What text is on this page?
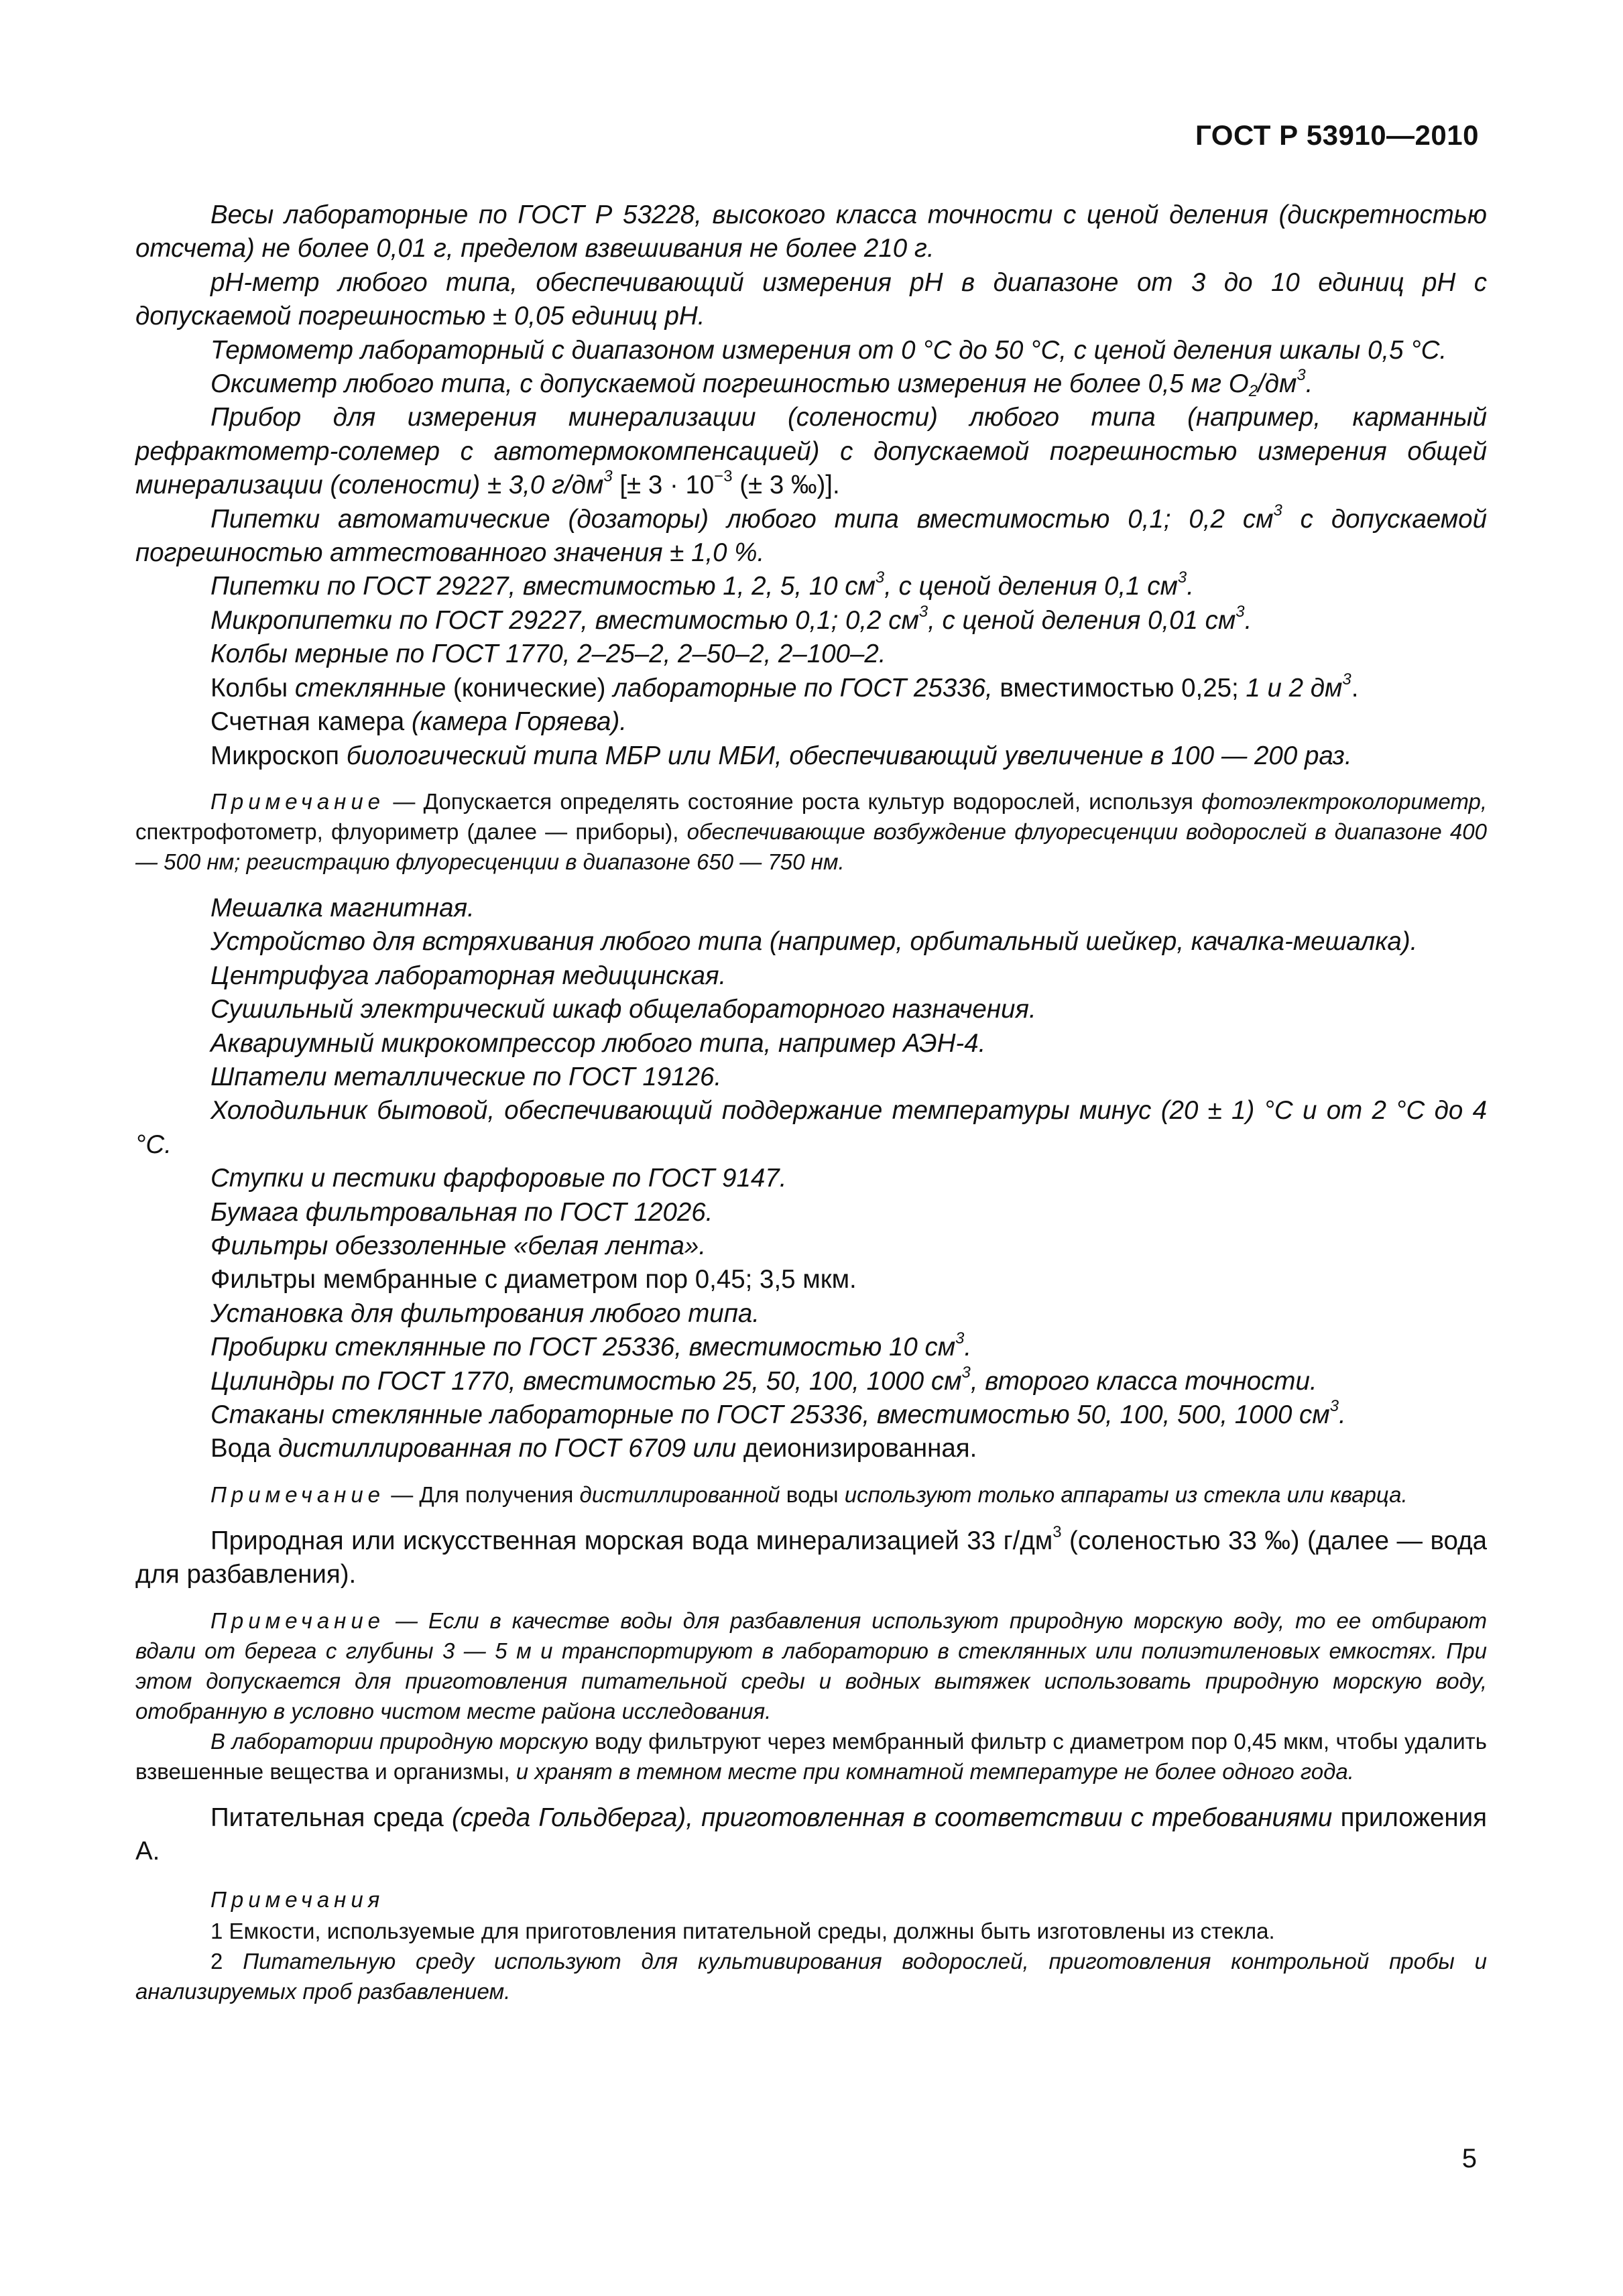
ГОСТ Р 53910—2010

Весы лабораторные по ГОСТ Р 53228, высокого класса точности с ценой деления (дискретностью отсчета) не более 0,01 г, пределом взвешивания не более 210 г.

pH-метр любого типа, обеспечивающий измерения pH в диапазоне от 3 до 10 единиц pH с допускаемой погрешностью ± 0,05 единиц pH.

Термометр лабораторный с диапазоном измерения от 0 °C до 50 °C, с ценой деления шкалы 0,5 °C.

Оксиметр любого типа, с допускаемой погрешностью измерения не более 0,5 мг $O_2/дм^3$.

Прибор для измерения минерализации (солености) любого типа (например, карманный рефрактометр-солемер с автотермокомпенсацией) с допускаемой погрешностью измерения общей минерализации (солености) ± 3,0 $г/дм^3$ [± $3 \cdot 10^{-3}$ (± 3 ‰)].

Пипетки автоматические (дозаторы) любого типа вместимостью 0,1; 0,2 $см^3$ с допускаемой погрешностью аттестованного значения ± 1,0 %.

Пипетки по ГОСТ 29227, вместимостью 1, 2, 5, 10 $см^3$, с ценой деления 0,1 $см^3$.

Микропипетки по ГОСТ 29227, вместимостью 0,1; 0,2 $см^3$, с ценой деления 0,01 $см^3$.

Колбы мерные по ГОСТ 1770, 2–25–2, 2–50–2, 2–100–2.

Колбы стеклянные (конические) лабораторные по ГОСТ 25336, вместимостью 0,25; 1 и 2 $дм^3$.

Счетная камера (камера Горяева).

Микроскоп биологический типа МБР или МБИ, обеспечивающий увеличение в 100 — 200 раз.

Примечание — Допускается определять состояние роста культур водорослей, используя фотоэлектроколориметр, спектрофотометр, флуориметр (далее — приборы), обеспечивающие возбуждение флуоресценции водорослей в диапазоне 400 — 500 нм; регистрацию флуоресценции в диапазоне 650 — 750 нм.

Мешалка магнитная.

Устройство для встряхивания любого типа (например, орбитальный шейкер, качалка-мешалка).

Центрифуга лабораторная медицинская.

Сушильный электрический шкаф общелабораторного назначения.

Аквариумный микрокомпрессор любого типа, например АЭН-4.

Шпатели металлические по ГОСТ 19126.

Холодильник бытовой, обеспечивающий поддержание температуры минус (20 ± 1) °C и от 2 °C до 4 °C.

Ступки и пестики фарфоровые по ГОСТ 9147.

Бумага фильтровальная по ГОСТ 12026.

Фильтры обеззоленные «белая лента».

Фильтры мембранные с диаметром пор 0,45; 3,5 мкм.

Установка для фильтрования любого типа.

Пробирки стеклянные по ГОСТ 25336, вместимостью 10 $см^3$.

Цилиндры по ГОСТ 1770, вместимостью 25, 50, 100, 1000 $см^3$, второго класса точности.

Стаканы стеклянные лабораторные по ГОСТ 25336, вместимостью 50, 100, 500, 1000 $см^3$.

Вода дистиллированная по ГОСТ 6709 или деионизированная.

Примечание — Для получения дистиллированной воды используют только аппараты из стекла или кварца.

Природная или искусственная морская вода минерализацией 33 $г/дм^3$ (соленостью 33 ‰) (далее — вода для разбавления).

Примечание — Если в качестве воды для разбавления используют природную морскую воду, то ее отбирают вдали от берега с глубины 3 — 5 м и транспортируют в лабораторию в стеклянных или полиэтиленовых емкостях. При этом допускается для приготовления питательной среды и водных вытяжек использовать природную морскую воду, отобранную в условно чистом месте района исследования.

В лаборатории природную морскую воду фильтруют через мембранный фильтр с диаметром пор 0,45 мкм, чтобы удалить взвешенные вещества и организмы, и хранят в темном месте при комнатной температуре не более одного года.

Питательная среда (среда Гольдберга), приготовленная в соответствии с требованиями приложения А.

Примечания

1 Емкости, используемые для приготовления питательной среды, должны быть изготовлены из стекла.

2 Питательную среду используют для культивирования водорослей, приготовления контрольной пробы и анализируемых проб разбавлением.

5
